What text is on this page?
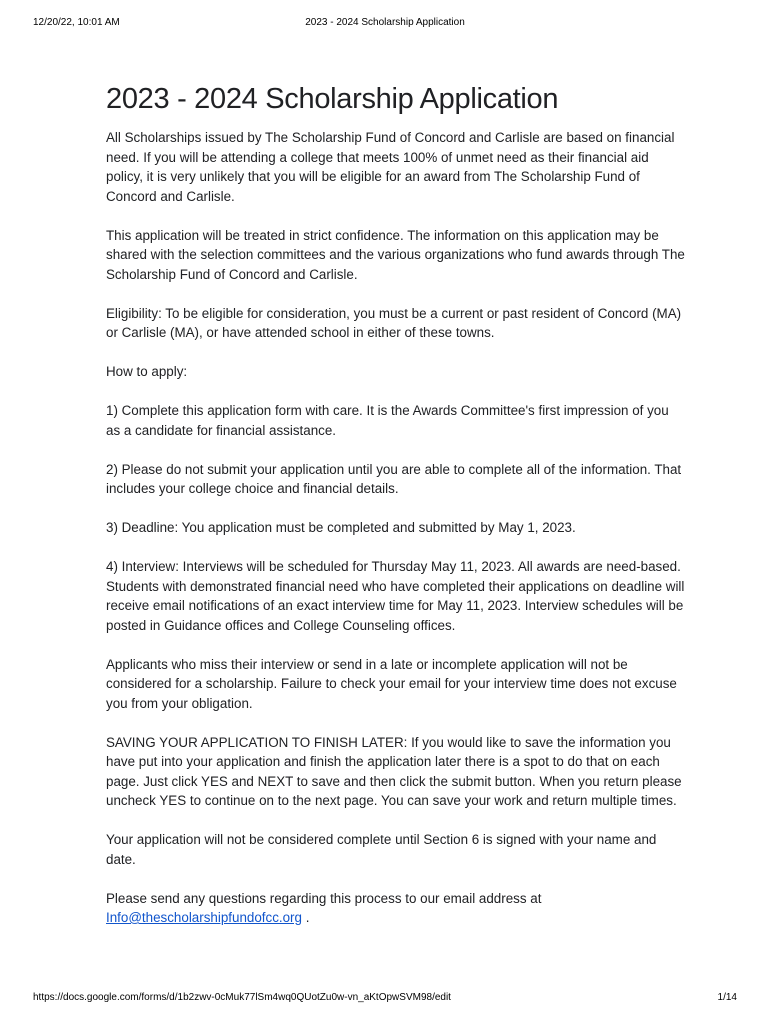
12/20/22, 10:01 AM	2023 - 2024 Scholarship Application
2023 - 2024 Scholarship Application

All Scholarships issued by The Scholarship Fund of Concord and Carlisle are based on financial need. If you will be attending a college that meets 100% of unmet need as their financial aid policy, it is very unlikely that you will be eligible for an award from The Scholarship Fund of Concord and Carlisle.

This application will be treated in strict confidence. The information on this application may be shared with the selection committees and the various organizations who fund awards through The Scholarship Fund of Concord and Carlisle.

Eligibility: To be eligible for consideration, you must be a current or past resident of Concord (MA) or Carlisle (MA), or have attended school in either of these towns.

How to apply:

1) Complete this application form with care. It is the Awards Committee's first impression of you as a candidate for financial assistance.

2) Please do not submit your application until you are able to complete all of the information. That includes your college choice and financial details.

3) Deadline: You application must be completed and submitted by May 1, 2023.

4) Interview: Interviews will be scheduled for Thursday May 11, 2023. All awards are need-based. Students with demonstrated financial need who have completed their applications on deadline will receive email notifications of an exact interview time for May 11, 2023. Interview schedules will be posted in Guidance offices and College Counseling offices.

Applicants who miss their interview or send in a late or incomplete application will not be considered for a scholarship. Failure to check your email for your interview time does not excuse you from your obligation.

SAVING YOUR APPLICATION TO FINISH LATER: If you would like to save the information you have put into your application and finish the application later there is a spot to do that on each page. Just click YES and NEXT to save and then click the submit button. When you return please uncheck YES to continue on to the next page. You can save your work and return multiple times.

Your application will not be considered complete until Section 6 is signed with your name and date.

Please send any questions regarding this process to our email address at Info@thescholarshipfundofcc.org .

https://docs.google.com/forms/d/1b2zwv-0cMuk77lSm4wq0QUotZu0w-vn_aKtOpwSVM98/edit	1/14
